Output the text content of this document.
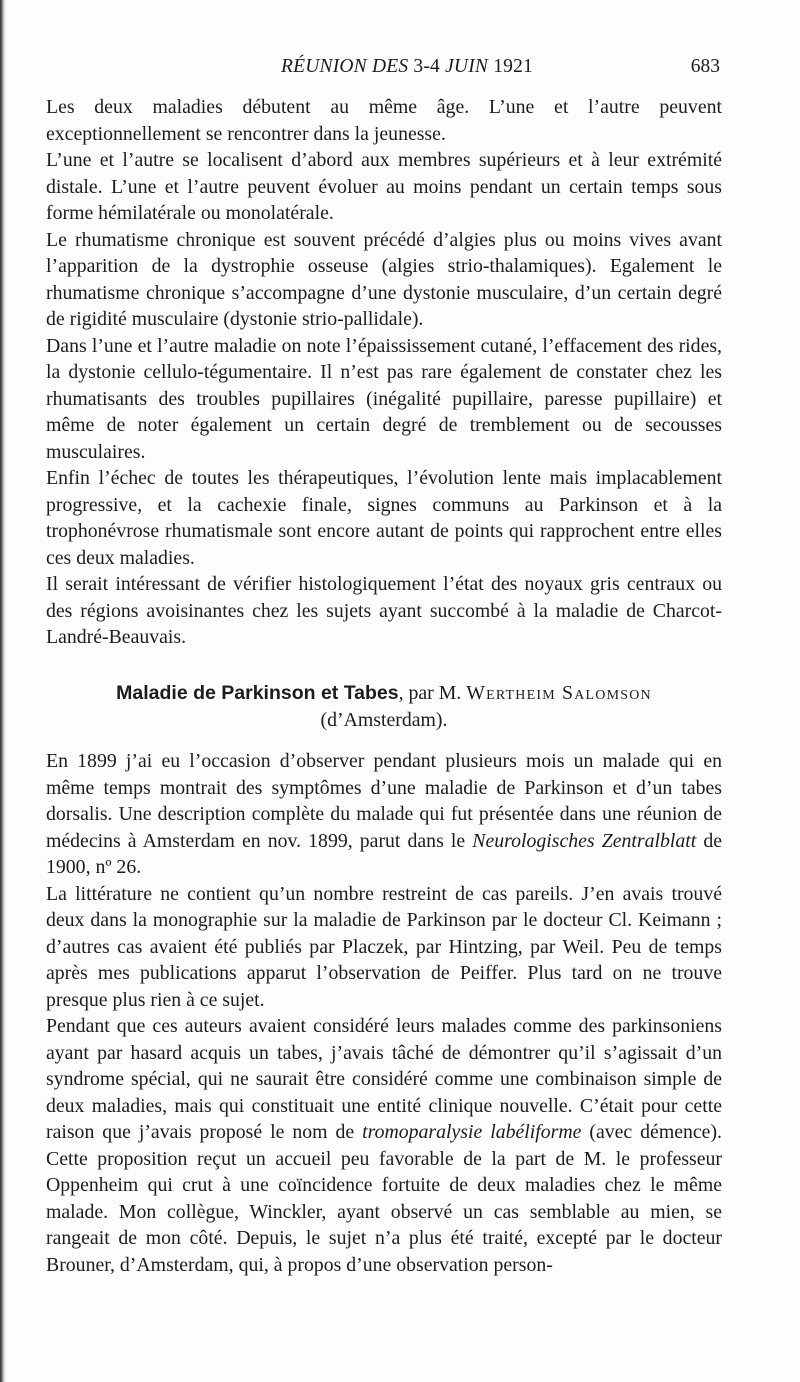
RÉUNION DES 3-4 JUIN 1921	683

Les deux maladies débutent au même âge. L’une et l’autre peuvent exceptionnellement se rencontrer dans la jeunesse.

L’une et l’autre se localisent d’abord aux membres supérieurs et à leur extrémité distale. L’une et l’autre peuvent évoluer au moins pendant un certain temps sous forme hémilatérale ou monolatérale.

Le rhumatisme chronique est souvent précédé d’algies plus ou moins vives avant l’apparition de la dystrophie osseuse (algies strio-thalamiques). Egalement le rhumatisme chronique s’accompagne d’une dystonie musculaire, d’un certain degré de rigidité musculaire (dystonie strio-pallidale).

Dans l’une et l’autre maladie on note l’épaississement cutané, l’effacement des rides, la dystonie cellulo-tégumentaire. Il n’est pas rare également de constater chez les rhumatisants des troubles pupillaires (inégalité pupillaire, paresse pupillaire) et même de noter également un certain degré de tremblement ou de secousses musculaires.

Enfin l’échec de toutes les thérapeutiques, l’évolution lente mais implacablement progressive, et la cachexie finale, signes communs au Parkinson et à la trophonévrose rhumatismale sont encore autant de points qui rapprochent entre elles ces deux maladies.

Il serait intéressant de vérifier histologiquement l’état des noyaux gris centraux ou des régions avoisinantes chez les sujets ayant succombé à la maladie de Charcot-Landré-Beauvais.

Maladie de Parkinson et Tabes, par M. Wertheim Salomson
(d’Amsterdam).

En 1899 j’ai eu l’occasion d’observer pendant plusieurs mois un malade qui en même temps montrait des symptômes d’une maladie de Parkinson et d’un tabes dorsalis. Une description complète du malade qui fut présentée dans une réunion de médecins à Amsterdam en nov. 1899, parut dans le Neurologisches Zentralblatt de 1900, nº 26.

La littérature ne contient qu’un nombre restreint de cas pareils. J’en avais trouvé deux dans la monographie sur la maladie de Parkinson par le docteur Cl. Keimann ; d’autres cas avaient été publiés par Placzek, par Hintzing, par Weil. Peu de temps après mes publications apparut l’observation de Peiffer. Plus tard on ne trouve presque plus rien à ce sujet.

Pendant que ces auteurs avaient considéré leurs malades comme des parkinsoniens ayant par hasard acquis un tabes, j’avais tâché de démontrer qu’il s’agissait d’un syndrome spécial, qui ne saurait être considéré comme une combinaison simple de deux maladies, mais qui constituait une entité clinique nouvelle. C’était pour cette raison que j’avais proposé le nom de tromoparalysie labéliforme (avec démence). Cette proposition reçut un accueil peu favorable de la part de M. le professeur Oppenheim qui crut à une coïncidence fortuite de deux maladies chez le même malade. Mon collègue, Winckler, ayant observé un cas semblable au mien, se rangeait de mon côté. Depuis, le sujet n’a plus été traité, excepté par le docteur Brouner, d’Amsterdam, qui, à propos d’une observation person-
